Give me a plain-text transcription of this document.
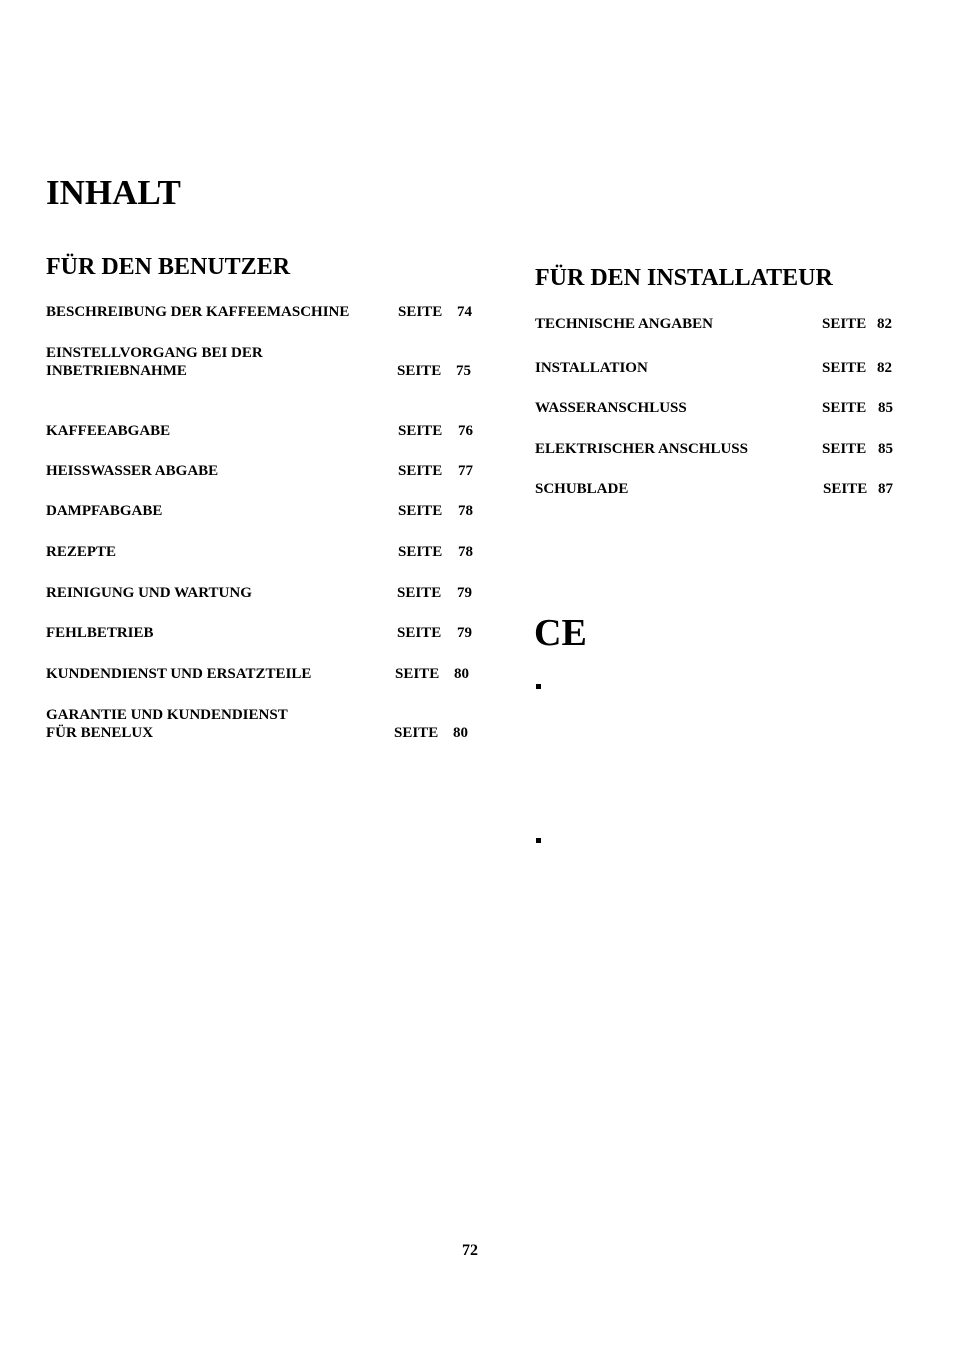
INHALT
FÜR DEN BENUTZER
BESCHREIBUNG DER KAFFEEMASCHINE	SEITE 74
EINSTELLVORGANG BEI DER
INBETRIEBNAHME	SEITE 75
KAFFEEABGABE	SEITE 76
HEISSWASSER ABGABE	SEITE 77
DAMPFABGABE	SEITE 78
REZEPTE	SEITE 78
REINIGUNG UND WARTUNG	SEITE 79
FEHLBETRIEB	SEITE 79
KUNDENDIENST UND ERSATZTEILE	SEITE 80
GARANTIE UND KUNDENDIENST
FÜR BENELUX	SEITE 80
FÜR DEN INSTALLATEUR
TECHNISCHE ANGABEN	SEITE 82
INSTALLATION	SEITE 82
WASSERANSCHLUSS	SEITE 85
ELEKTRISCHER ANSCHLUSS	SEITE 85
SCHUBLADE	SEITE 87
CE
72
